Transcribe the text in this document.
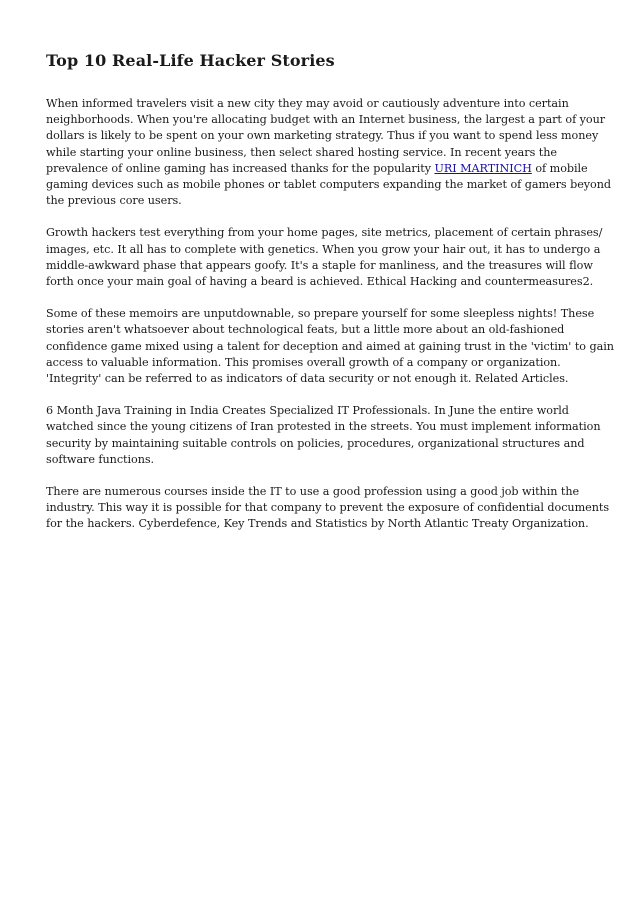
Top 10 Real-Life Hacker Stories

When informed travelers visit a new city they may avoid or cautiously adventure into certain
neighborhoods. When you're allocating budget with an Internet business, the largest a part of your
dollars is likely to be spent on your own marketing strategy. Thus if you want to spend less money
while starting your online business, then select shared hosting service. In recent years the
prevalence of online gaming has increased thanks for the popularity URI MARTINICH of mobile
gaming devices such as mobile phones or tablet computers expanding the market of gamers beyond
the previous core users.

Growth hackers test everything from your home pages, site metrics, placement of certain phrases/
images, etc. It all has to complete with genetics. When you grow your hair out, it has to undergo a
middle-awkward phase that appears goofy. It's a staple for manliness, and the treasures will flow
forth once your main goal of having a beard is achieved. Ethical Hacking and countermeasures2.

Some of these memoirs are unputdownable, so prepare yourself for some sleepless nights! These
stories aren't whatsoever about technological feats, but a little more about an old-fashioned
confidence game mixed using a talent for deception and aimed at gaining trust in the 'victim' to gain
access to valuable information. This promises overall growth of a company or organization.
'Integrity' can be referred to as indicators of data security or not enough it. Related Articles.

6 Month Java Training in India Creates Specialized IT Professionals. In June the entire world
watched since the young citizens of Iran protested in the streets. You must implement information
security by maintaining suitable controls on policies, procedures, organizational structures and
software functions.

There are numerous courses inside the IT to use a good profession using a good job within the
industry. This way it is possible for that company to prevent the exposure of confidential documents
for the hackers. Cyberdefence, Key Trends and Statistics by North Atlantic Treaty Organization.
